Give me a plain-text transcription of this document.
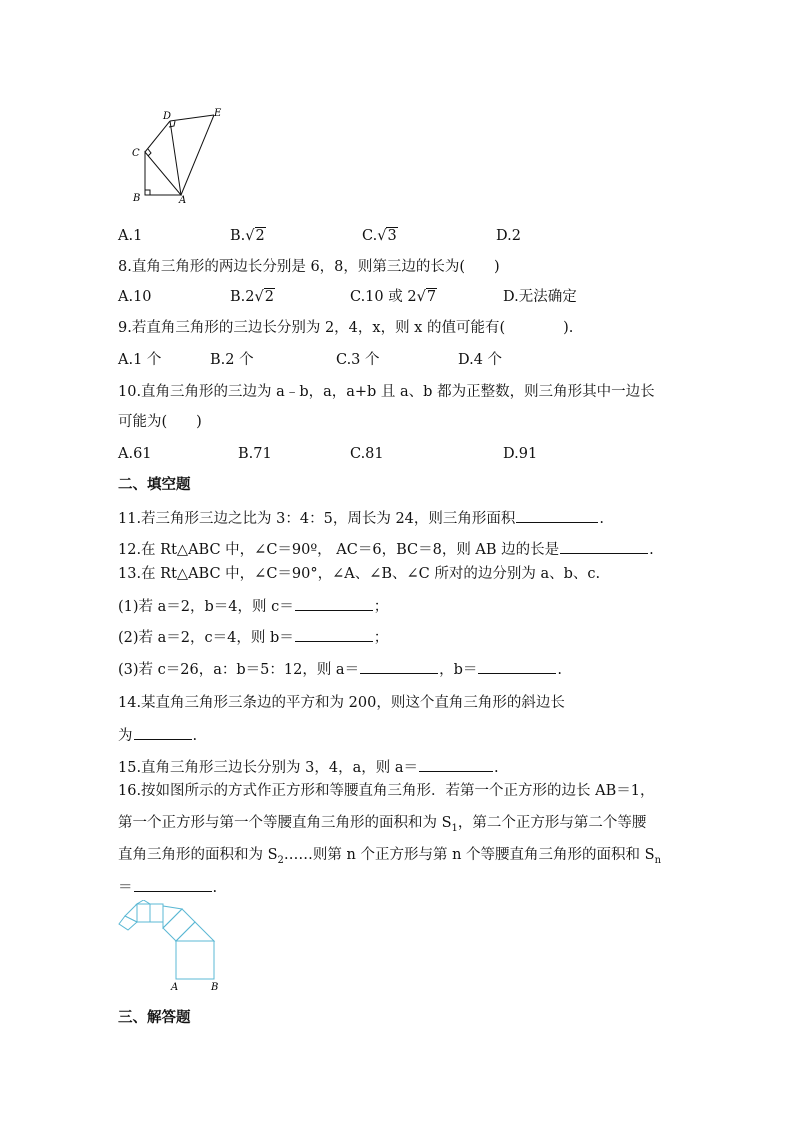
B	A
C
D	E
A.1	B.√2	C.√3	D.2
8.直角三角形的两边长分别是 6，8，则第三边的长为(　　)
A.10	B.2√2	C.10 或 2√7	D.无法确定
9.若直角三角形的三边长分别为 2，4，x，则 x 的值可能有(　　　　).
A.1 个	B.2 个	C.3 个	D.4 个
10.直角三角形的三边为 a﹣b，a，a+b 且 a、b 都为正整数，则三角形其中一边长
可能为(　　)
A.61	B.71	C.81	D.91
二、填空题
11.若三角形三边之比为 3：4：5，周长为 24，则三角形面积	.
12.在 Rt△ABC 中，∠C＝90º， AC＝6，BC＝8，则 AB 边的长是	.
13.在 Rt△ABC 中，∠C＝90°，∠A、∠B、∠C 所对的边分别为 a、b、c.
(1)若 a＝2，b＝4，则 c＝	；
(2)若 a＝2，c＝4，则 b＝	；
(3)若 c＝26，a：b＝5：12，则 a＝	，b＝	.
14.某直角三角形三条边的平方和为 200，则这个直角三角形的斜边长
为	.
15.直角三角形三边长分别为 3，4，a，则 a＝	.
16.按如图所示的方式作正方形和等腰直角三角形．若第一个正方形的边长 AB＝1，
第一个正方形与第一个等腰直角三角形的面积和为 $S_1$，第二个正方形与第二个等腰
直角三角形的面积和为 $S_2\dots\dots$则第 n 个正方形与第 n 个等腰直角三角形的面积和 $S_n$
＝	.
A	B
三、解答题
